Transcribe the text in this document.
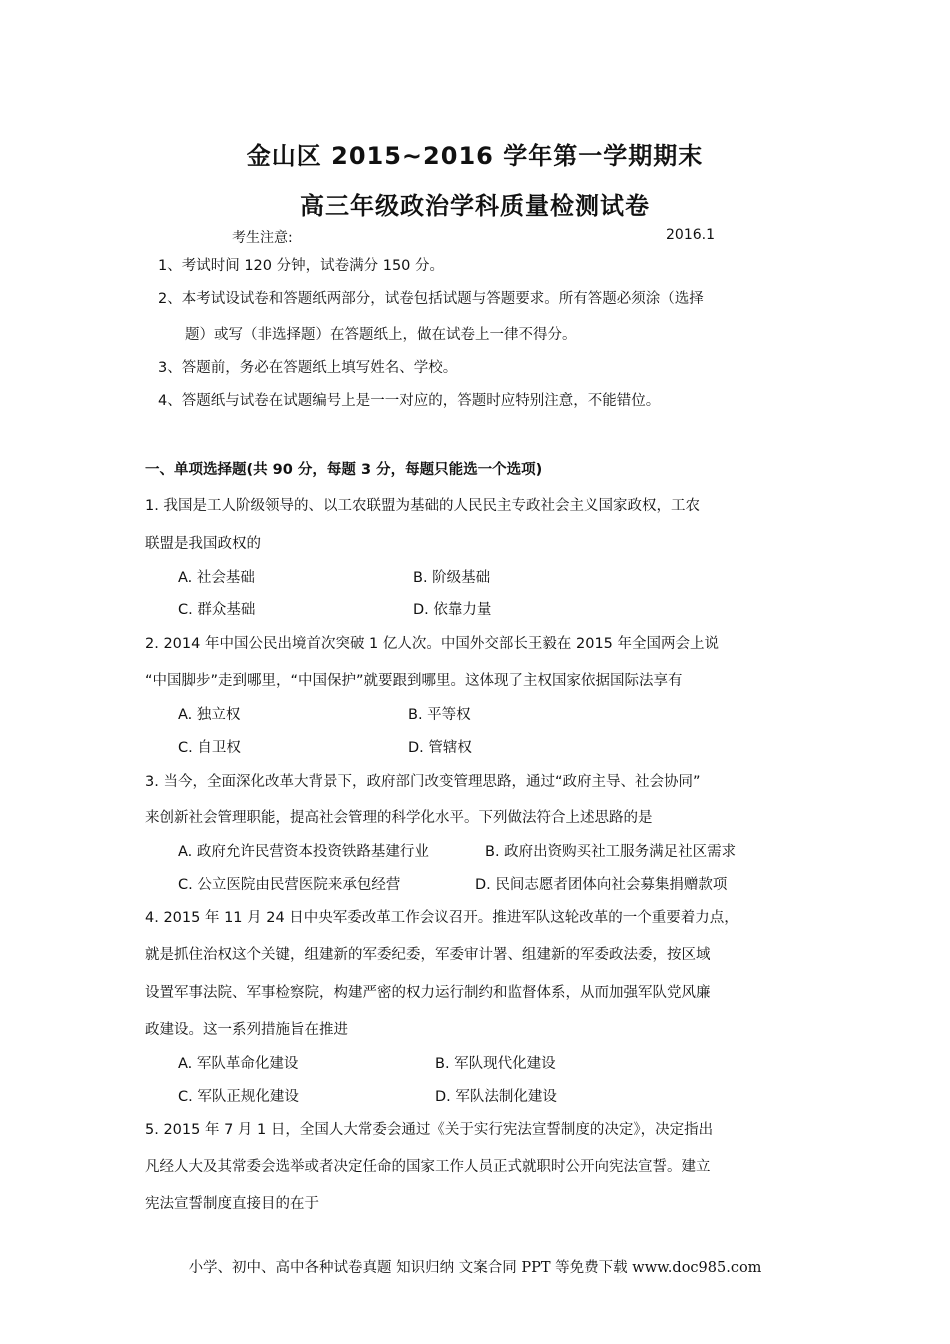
金山区 2015~2016 学年第一学期期末
高三年级政治学科质量检测试卷
考生注意:	2016.1
1、考试时间 120 分钟，试卷满分 150 分。
2、本考试设试卷和答题纸两部分，试卷包括试题与答题要求。所有答题必须涂（选择
题）或写（非选择题）在答题纸上，做在试卷上一律不得分。
3、答题前，务必在答题纸上填写姓名、学校。
4、答题纸与试卷在试题编号上是一一对应的，答题时应特别注意，不能错位。
一、单项选择题(共 90 分，每题 3 分，每题只能选一个选项)
1. 我国是工人阶级领导的、以工农联盟为基础的人民民主专政社会主义国家政权，工农
联盟是我国政权的
A. 社会基础	B. 阶级基础
C. 群众基础	D. 依靠力量
2. 2014 年中国公民出境首次突破 1 亿人次。中国外交部长王毅在 2015 年全国两会上说
“中国脚步”走到哪里，“中国保护”就要跟到哪里。这体现了主权国家依据国际法享有
A. 独立权	B. 平等权
C. 自卫权	D. 管辖权
3. 当今，全面深化改革大背景下，政府部门改变管理思路，通过“政府主导、社会协同”
来创新社会管理职能，提高社会管理的科学化水平。下列做法符合上述思路的是
A. 政府允许民营资本投资铁路基建行业	B. 政府出资购买社工服务满足社区需求
C. 公立医院由民营医院来承包经营	D. 民间志愿者团体向社会募集捐赠款项
4. 2015 年 11 月 24 日中央军委改革工作会议召开。推进军队这轮改革的一个重要着力点，
就是抓住治权这个关键，组建新的军委纪委，军委审计署、组建新的军委政法委，按区域
设置军事法院、军事检察院，构建严密的权力运行制约和监督体系，从而加强军队党风廉
政建设。这一系列措施旨在推进
A. 军队革命化建设	B. 军队现代化建设
C. 军队正规化建设	D. 军队法制化建设
5. 2015 年 7 月 1 日，全国人大常委会通过《关于实行宪法宣誓制度的决定》，决定指出
凡经人大及其常委会选举或者决定任命的国家工作人员正式就职时公开向宪法宣誓。建立
宪法宣誓制度直接目的在于
小学、初中、高中各种试卷真题 知识归纳 文案合同 PPT 等免费下载 www.doc985.com
